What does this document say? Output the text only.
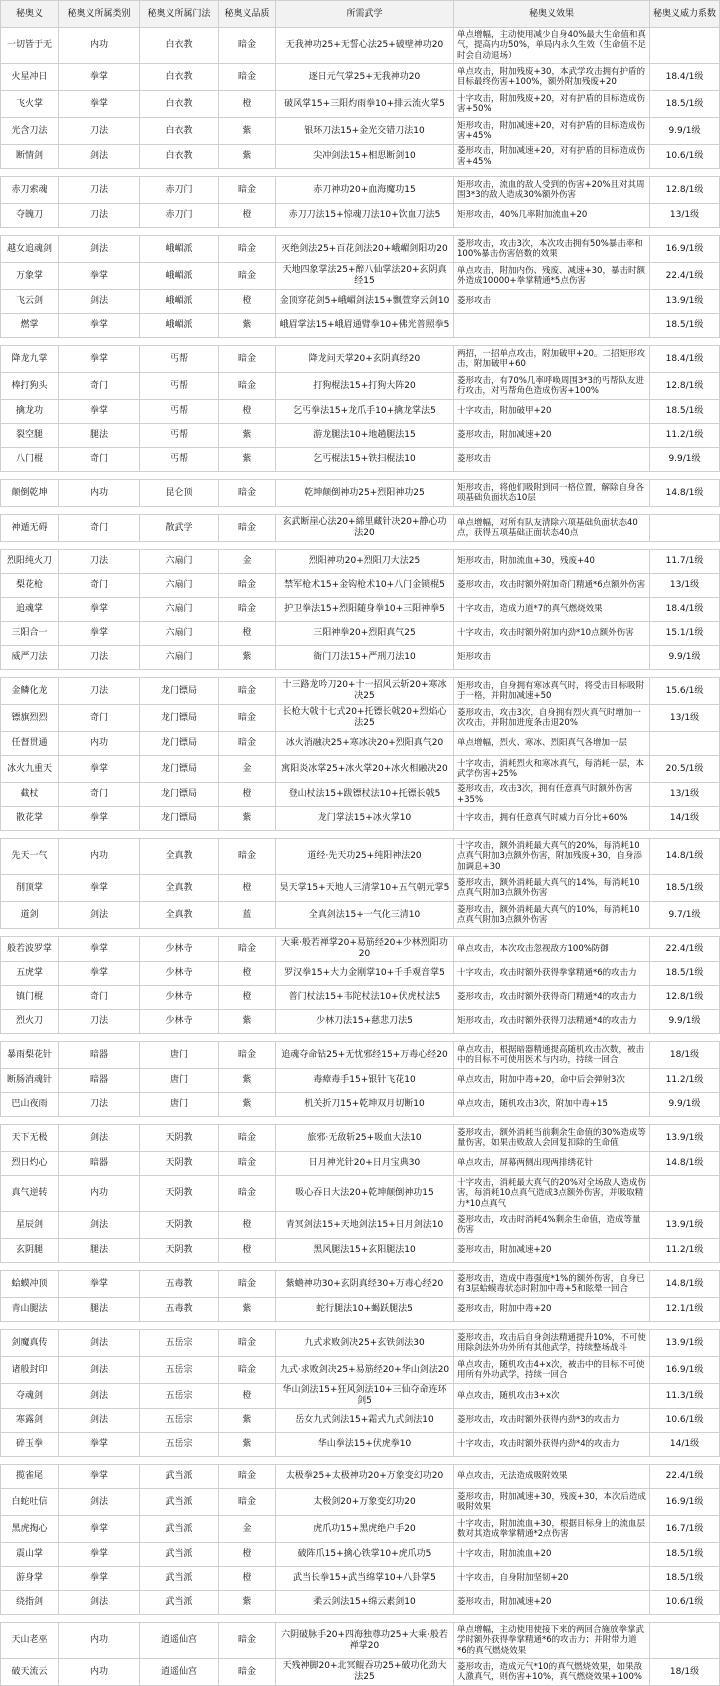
秘奥义	秘奥义所属类别	秘奥义所属门法	秘奥义品质	所需武学	秘奥义效果	秘奥义威力系数
一切皆于无	内功	白衣教	暗金	无我神功25+无誓心法25+破壁神功20	单点增幅，主动使用减少自身40%最大生命值和真气，提高内功50%，单局内永久生效（生命值不足时会自动退场）	
火星冲日	拳掌	白衣教	暗金	逐日元气掌25+无我神功20	单点攻击，附加残废+30，本武学攻击拥有护盾的目标最终伤害+100%，额外附加残废+20	18.4/1级
飞火掌	拳掌	白衣教	橙	破风掌15+三阳灼雨拳10+排云流火掌5	十字攻击，附加残废+20，对有护盾的目标造成伤害+50%	18.5/1级
光含刀法	刀法	白衣教	紫	银环刀法15+金光交错刀法10	矩形攻击，附加减速+20，对有护盾的目标造成伤害+45%	9.9/1级
断情剑	剑法	白衣教	紫	尖冲剑法15+相思断剑10	菱形攻击，附加减速+20，对有护盾的目标造成伤害+45%	10.6/1级

赤刀索魂	刀法	赤刀门	暗金	赤刀神功20+血海魔功15	矩形攻击，流血的敌人受到的伤害+20%且对其周围3*3的敌人造成30%额外伤害	12.8/1级
夺魄刀	刀法	赤刀门	橙	赤刀刀法15+惊魂刀法10+饮血刀法5	矩形攻击，40%几率附加流血+20	13/1级

越女追魂剑	剑法	峨嵋派	暗金	灭绝剑法25+百花剑法20+峨嵋剑阳功20	菱形攻击，攻击3次，本次攻击拥有50%暴击率和100%暴击伤害倍数的效果	16.9/1级
万象掌	拳掌	峨嵋派	暗金	天地四象掌法25+醉八仙掌法20+玄阴真经15	单点攻击，附加内伤、残废、减速+30，暴击时额外造成10000+拳掌精通*5点伤害	22.4/1级
飞云剑	剑法	峨嵋派	橙	金顶穿花剑5+峨嵋剑法15+飘萱穿云剑10	菱形攻击	13.9/1级
燃掌	拳掌	峨嵋派	紫	峨眉掌法15+峨眉通臂拳10+佛光普照拳5		18.5/1级

降龙九掌	拳掌	丐帮	暗金	降龙问天掌20+玄阴真经20	两招，一招单点攻击，附加破甲+20。二招矩形攻击，附加破甲+60	18.4/1级
棒打狗头	奇门	丐帮	暗金	打狗棍法15+打狗大阵20	菱形攻击，有70%几率呼唤周围3*3的丐帮队友进行攻击，对丐帮角色造成伤害+100%	12.8/1级
擒龙功	拳掌	丐帮	橙	乞丐拳法15+龙爪手10+擒龙掌法5	十字攻击，附加破甲+20	18.5/1级
裂空腿	腿法	丐帮	紫	游龙腿法10+地趟腿法15	菱形攻击，附加减速+20	11.2/1级
八门棍	奇门	丐帮	紫	乞丐棍法15+铁扫棍法10	菱形攻击	9.9/1级

颠倒乾坤	内功	昆仑顶	暗金	乾坤颠倒神功25+烈阳神功25	矩形攻击，将他们吸附到同一格位置，解除自身各项基础负面状态10层	14.8/1级

神遁无碍	奇门	散武学	暗金	玄武断崖心法20+綿里藏针决20+静心功法20	单点增幅，对所有队友清除六项基础负面状态40点，获得五项基础正面状态40点	

烈阳纯火刀	刀法	六扇门	金	烈阳神功20+烈阳刀大法25	矩形攻击，附加流血+30，残废+40	11.7/1级
梨花枪	奇门	六扇门	暗金	禁军枪术15+金钩枪术10+八门金锁棍5	菱形攻击，攻击时额外附加奇门精通*6点额外伤害	13/1级
追魂掌	拳掌	六扇门	暗金	护卫拳法15+烈阳随身拳10+三阳神拳5	十字攻击，造成力道*7的真气燃烧效果	18.4/1级
三阳合一	拳掌	六扇门	橙	三阳神拳20+烈阳真气25	十字攻击，攻击时额外附加内劲*10点额外伤害	15.1/1级
威严刀法	刀法	六扇门	紫	衙门刀法15+严刑刀法10	矩形攻击	9.9/1级

金鳞化龙	刀法	龙门镖局	暗金	十三路龙吟刀20+十一招风云斩20+寒冰决25	矩形攻击，自身拥有寒冰真气时，将受击目标吸附于一格，并附加减速+50	15.6/1级
镖旗烈烈	奇门	龙门镖局	暗金	长枪大戟十七式20+托镖长戟20+烈焰心法25	菱形攻击，攻击3次，自身拥有烈火真气时增加一次攻击，并附加进度条击退20%	13/1级
任督贯通	内功	龙门镖局	暗金	冰火消融决25+寒冰决20+烈阳真气20	单点增幅，烈火、寒冰、烈阳真气各增加一层	
冰火九重天	拳掌	龙门镖局	金	寓阳炎冰掌25+冰火掌20+冰火相融决20	十字攻击，消耗烈火和寒冰真气，每消耗一层，本武学伤害+25%	20.5/1级
截杖	奇门	龙门镖局	橙	登山杖法15+跋镖杖法10+托镖长戟5	菱形攻击，攻击3次，拥有任意真气时额外伤害+35%	13/1级
散花掌	拳掌	龙门镖局	紫	龙门掌法15+冰火掌10	十字攻击，拥有任意真气时威力百分比+60%	14/1级

先天一气	内功	全真教	暗金	道经·先天功25+纯阳神法20	十字攻击，额外消耗最大真气的20%，每消耗10点真气附加3点额外伤害，附加残废+30，自身添加调息+30	14.8/1级
削顶掌	拳掌	全真教	橙	昊天掌15+天地人三清掌10+五气朝元掌5	菱形攻击，额外消耗最大真气的14%，每消耗10点真气附加3点额外伤害	18.5/1级
道剑	剑法	全真教	蓝	全真剑法15+一气化三清10	菱形攻击，额外消耗最大真气的10%，每消耗10点真气附加3点额外伤害	9.7/1级

般若波罗掌	拳掌	少林寺	暗金	大乘·般若禅掌20+易筋经20+少林烈阳功20	单点攻击，本次攻击忽视敌方100%防御	22.4/1级
五虎掌	拳掌	少林寺	橙	罗汉拳15+大力金刚掌10+千手观音掌5	十字攻击，攻击时额外获得拳掌精通*6的攻击力	18.5/1级
镇门棍	奇门	少林寺	橙	普门杖法15+韦陀杖法10+伏虎杖法5	菱形攻击，攻击时额外获得奇门精通*4的攻击力	12.8/1级
烈火刀	刀法	少林寺	紫	少林刀法15+慈悲刀法5	矩形攻击，攻击时额外获得刀法精通*4的攻击力	9.9/1级

暴雨梨花针	暗器	唐门	暗金	追魂夺命钻25+无忧邪经15+万毒心经20	单点攻击，根据暗器精通提高随机攻击次数，被击中的目标不可使用医术与内功，持续一回合	18/1级
断肠消魂针	暗器	唐门	紫	毒瘴毒手15+银针飞花10	单点攻击，附加中毒+20，命中后会弹射3次	11.2/1级
巴山夜雨	刀法	唐门	紫	机关折刀15+乾坤双月切断10	单点攻击，随机攻击3次，附加中毒+15	9.9/1级

天下无极	剑法	天阴教	暗金	旅邪·无敌斩25+吸血大法10	菱形攻击，额外消耗当前剩余生命值的30%造成等量伤害，如果击败敌人会回复扣除的生命值	13.9/1级
烈日灼心	暗器	天阴教	暗金	日月神光针20+日月宝典30	单点攻击，屏幕两侧出现两排绣花针	14.8/1级
真气逆转	内功	天阴教	暗金	吸心吞日大法20+乾坤颠倒神功15	十字攻击，消耗最大真气的20%对全场敌人造成伤害，每消耗10点真气造成3点额外伤害，并吸取精力*10点真气	
星辰剑	剑法	天阴教	橙	青冥剑法15+天地剑法15+日月剑法10	菱形攻击，攻击时消耗4%剩余生命值，造成等量伤害	13.9/1级
玄阴腿	腿法	天阴教	橙	黑风腿法15+玄阳腿法10	菱形攻击，附加减速+20	11.2/1级

蛤蟆冲顶	拳掌	五毒教	暗金	紫蟾神功30+玄阴真经30+万毒心经20	菱形攻击，造成中毒强度*1%的额外伤害，自身已有3层蛤蟆毒状态时附加中毒+5和眩晕一回合	14.8/1级
青山腿法	腿法	五毒教	紫	蛇行腿法10+蝎跃腿法5	菱形攻击，附加中毒+20	12.1/1级

剑魔真传	剑法	五岳宗	暗金	九式求败剑决25+玄铁剑法30	菱形攻击，攻击后自身剑法精通提升10%，不可使用除剑法外功外所有其他武学，持续整场战斗	13.9/1级
诸般封印	剑法	五岳宗	暗金	九式·求败剑决25+易筋经20+华山剑法20	单点攻击，随机攻击4+x次，被击中的目标不可使用所有外功武学，持续一回合	16.9/1级
夺魂剑	剑法	五岳宗	橙	华山剑法15+狂风剑法10+三仙夺命连环剑5	单点攻击，随机攻击3+x次	11.3/1级
寒露剑	剑法	五岳宗	紫	岳女九式剑法15+霜式九式剑法10	菱形攻击，攻击时额外获得内劲*3的攻击力	10.6/1级
碎玉拳	拳掌	五岳宗	紫	华山拳法15+伏虎拳10	十字攻击，攻击时额外获得内劲*4的攻击力	14/1级

揽雀尾	拳掌	武当派	暗金	太极拳25+太极神功20+万象变幻功20	单点攻击，无法造成吸附效果	22.4/1级
白蛇吐信	剑法	武当派	暗金	太极剑20+万象变幻功20	菱形攻击，附加减速+30，残废+30，本次后造成吸附效果	16.9/1级
黑虎掏心	拳掌	武当派	金	虎爪功15+黑虎绝户手20	十字攻击，附加流血+30，根据目标身上的流血层数对其造成拳掌精通*2点伤害	16.7/1级
震山掌	拳掌	武当派	橙	破阵爪15+擒心铁掌10+虎爪功5	十字攻击，附加流血+20	18.5/1级
游身掌	拳掌	武当派	橙	武当长拳15+武当绵掌10+八卦掌5	十字攻击，自身附加坚韧+20	18.5/1级
绕指剑	剑法	武当派	紫	柔云剑法15+绵云素剑10	菱形攻击，附加减速+20	10.6/1级

天山老巫	内功	逍遥仙宫	暗金	六阴破脉手20+四海独尊功25+大乘·般若禅掌20	单点增幅，主动使用使接下来的两回合施放拳掌武学时额外获得拳掌精通*6的攻击力；并附带力道*6的真气燃烧效果	
破天流云	内功	逍遥仙宫	暗金	天残神脚20+北冥鲲吞功25+破功化劲大法25	菱形攻击，造成元气*10的真气燃烧效果，如果敌人激真气，则伤害+10%，真气燃烧效果+100%	18/1级
